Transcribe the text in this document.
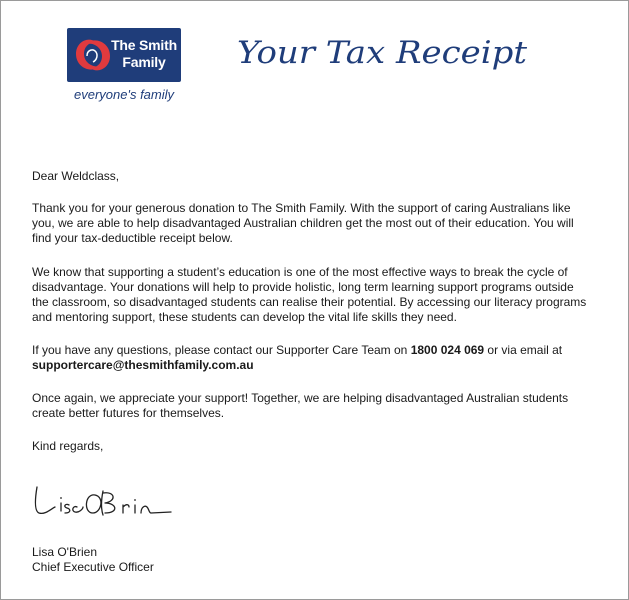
The Smith Family
everyone's family
Your Tax Receipt

Dear Weldclass,

Thank you for your generous donation to The Smith Family. With the support of caring Australians like you, we are able to help disadvantaged Australian children get the most out of their education. You will find your tax-deductible receipt below.

We know that supporting a student’s education is one of the most effective ways to break the cycle of disadvantage. Your donations will help to provide holistic, long term learning support programs outside the classroom, so disadvantaged students can realise their potential. By accessing our literacy programs and mentoring support, these students can develop the vital life skills they need.

If you have any questions, please contact our Supporter Care Team on 1800 024 069 or via email at
supportercare@thesmithfamily.com.au

Once again, we appreciate your support! Together, we are helping disadvantaged Australian students create better futures for themselves.

Kind regards,

Lisa O'Brien

Chief Executive Officer
